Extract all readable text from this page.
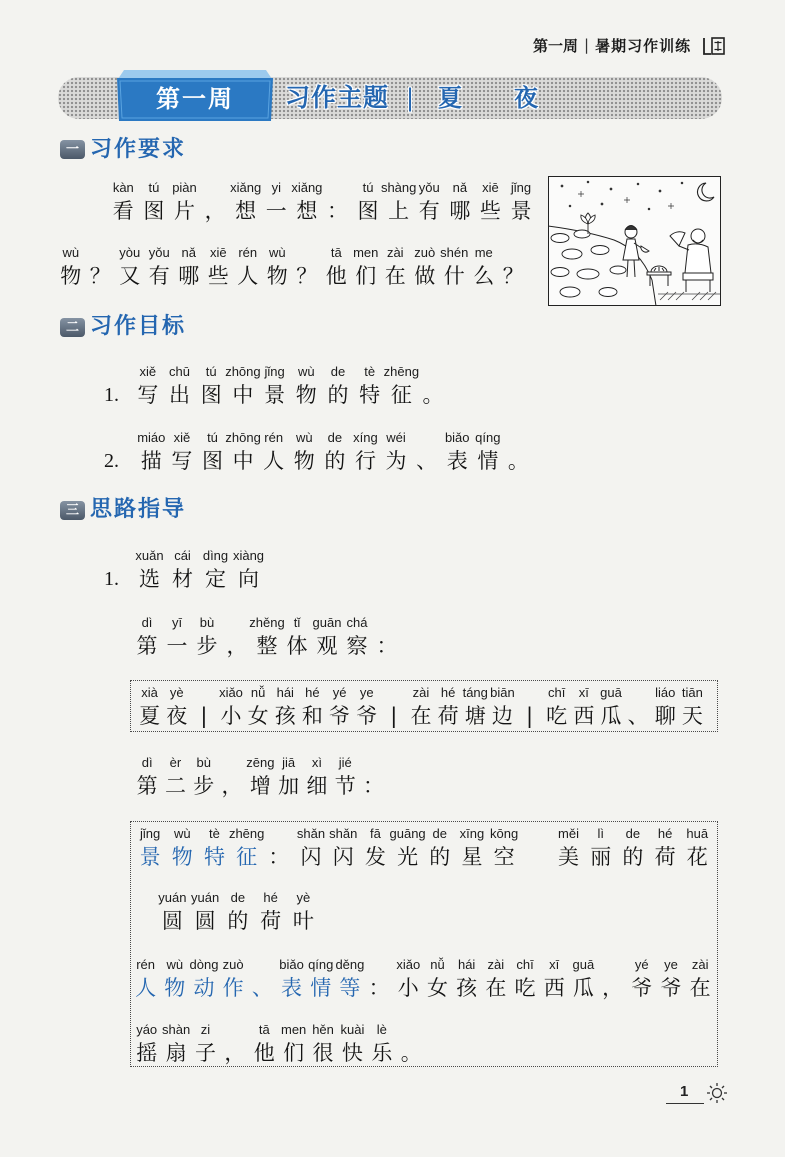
第一周 | 暑期习作训练
第一周	习作主题 | 夏夜
一 习作要求
kàn
看
tú
图
piàn
片 ，
xiǎng
想
yi
一
xiǎng
想 ：
tú
图
shàng
上
yǒu
有
nǎ
哪
xiē
些
jǐng
景
wù
物 ？
yòu
又
yǒu
有
nǎ
哪
xiē
些
rén
人
wù
物 ？
tā
他
men
们
zài
在
zuò
做
shén
什
me
么 ？
二 习作目标
1.
xiě
写
chū
出
tú
图
zhōng
中
jǐng
景
wù
物
de
的
tè
特
zhēng
征 。
2.
miáo
描
xiě
写
tú
图
zhōng
中
rén
人
wù
物
de
的
xíng
行
wéi
为 、
biǎo
表
qíng
情 。
三 思路指导
1.
xuǎn
选
cái
材
dìng
定
xiàng
向
dì
第
yī
一
bù
步 ，
zhěng
整
tǐ
体
guān
观
chá
察 ：
xià
夏
yè
夜 |
xiǎo
小
nǚ
女
hái
孩
hé
和
yé
爷
ye
爷 |
zài
在
hé
荷
táng
塘
biān
边 |
chī
吃
xī
西
guā
瓜 、
liáo
聊
tiān
天
dì
第
èr
二
bù
步 ，
zēng
增
jiā
加
xì
细
jié
节 ：
jǐng
景
wù
物
tè
特
zhēng
征 ：
shǎn
闪
shǎn
闪
fā
发
guāng
光
de
的
xīng
星
kōng
空
měi
美
lì
丽
de
的
hé
荷
huā
花
yuán
圆
yuán
圆
de
的
hé
荷
yè
叶
rén
人
wù
物
dòng
动
zuò
作 、
biǎo
表
qíng
情
děng
等 ：
xiǎo
小
nǚ
女
hái
孩
zài
在
chī
吃
xī
西
guā
瓜 ，
yé
爷
ye
爷
zài
在
yáo
摇
shàn
扇
zi
子 ，
tā
他
men
们
hěn
很
kuài
快
lè
乐 。
1
